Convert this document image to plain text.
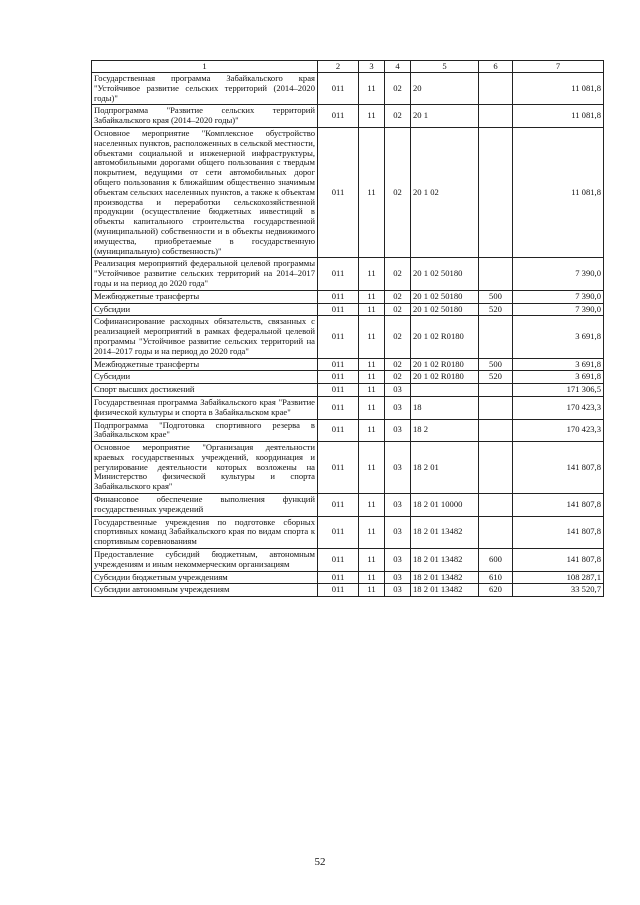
1	2	3	4	5	6	7
Государственная программа Забайкальского края "Устойчивое развитие сельских территорий (2014–2020 годы)"	011	11	02	20		11 081,8
Подпрограмма "Развитие сельских территорий Забайкальского края (2014–2020 годы)"	011	11	02	20 1		11 081,8
Основное мероприятие "Комплексное обустройство населенных пунктов, расположенных в сельской местности, объектами социальной и инженерной инфраструктуры, автомобильными дорогами общего пользования с твердым покрытием, ведущими от сети автомобильных дорог общего пользования к ближайшим общественно значимым объектам сельских населенных пунктов, а также к объектам производства и переработки сельскохозяйственной продукции (осуществление бюджетных инвестиций в объекты капитального строительства государственной (муниципальной) собственности и в объекты недвижимого имущества, приобретаемые в государственную (муниципальную) собственность)"	011	11	02	20 1 02		11 081,8
Реализация мероприятий федеральной целевой программы "Устойчивое развитие сельских территорий на 2014–2017 годы и на период до 2020 года"	011	11	02	20 1 02 50180		7 390,0
Межбюджетные трансферты	011	11	02	20 1 02 50180	500	7 390,0
Субсидии	011	11	02	20 1 02 50180	520	7 390,0
Софинансирование расходных обязательств, связанных с реализацией мероприятий в рамках федеральной целевой программы "Устойчивое развитие сельских территорий на 2014–2017 годы и на период до 2020 года"	011	11	02	20 1 02 R0180		3 691,8
Межбюджетные трансферты	011	11	02	20 1 02 R0180	500	3 691,8
Субсидии	011	11	02	20 1 02 R0180	520	3 691,8
Спорт высших достижений	011	11	03			171 306,5
Государственная программа Забайкальского края "Развитие физической культуры и спорта в Забайкальском крае"	011	11	03	18		170 423,3
Подпрограмма "Подготовка спортивного резерва в Забайкальском крае"	011	11	03	18 2		170 423,3
Основное мероприятие "Организация деятельности краевых государственных учреждений, координация и регулирование деятельности которых возложены на Министерство физической культуры и спорта Забайкальского края"	011	11	03	18 2 01		141 807,8
Финансовое обеспечение выполнения функций государственных учреждений	011	11	03	18 2 01 10000		141 807,8
Государственные учреждения по подготовке сборных спортивных команд Забайкальского края по видам спорта к спортивным соревнованиям	011	11	03	18 2 01 13482		141 807,8
Предоставление субсидий бюджетным, автономным учреждениям и иным некоммерческим организациям	011	11	03	18 2 01 13482	600	141 807,8
Субсидии бюджетным учреждениям	011	11	03	18 2 01 13482	610	108 287,1
Субсидии автономным учреждениям	011	11	03	18 2 01 13482	620	33 520,7
52
